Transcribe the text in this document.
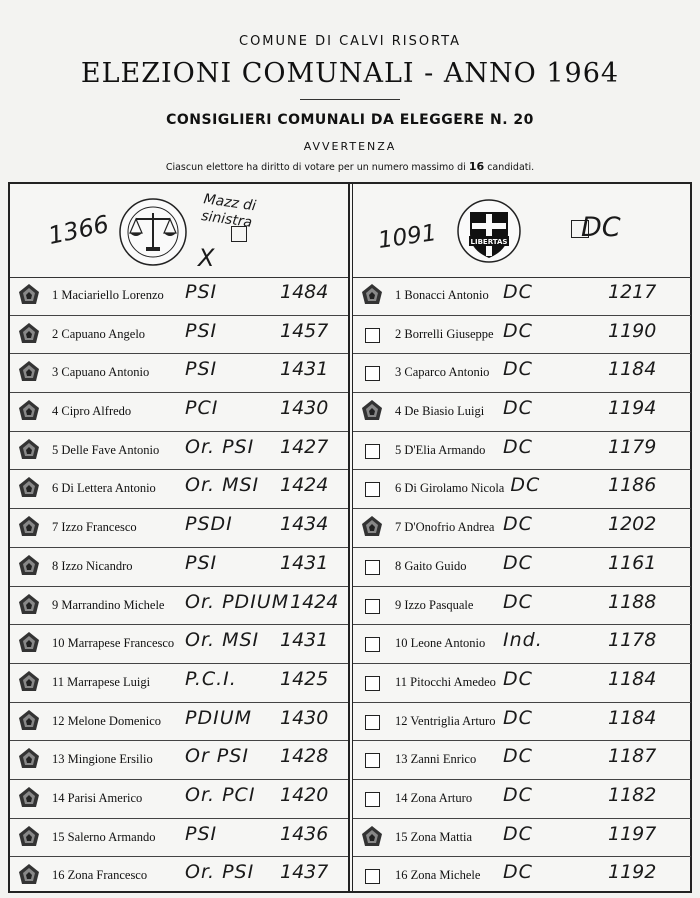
COMUNE DI CALVI RISORTA
ELEZIONI COMUNALI - ANNO 1964
CONSIGLIERI COMUNALI DA ELEGGERE N. 20
AVVERTENZA
Ciascun elettore ha diritto di votare per un numero massimo di 16 candidati.
1366
Mazz di sinistra
X
1 Maciariello Lorenzo PSI	1484
2 Capuano Angelo PSI	1457
3 Capuano Antonio PSI	1431
4 Cipro Alfredo	PCI	1430
5 Delle Fave Antonio Or. PSI 1427
6 Di Lettera Antonio Or. MSI 1424
7 Izzo Francesco	PSDI 1434
8 Izzo Nicandro	PSI	1431
9 Marrandino Michele Or. PDIUM 1424
10 Marrapese Francesco Or. MSI 1431
11 Marrapese Luigi P.C.I. 1425
12 Melone Domenico PDIUM 1430
13 Mingione Ersilio Or PSI 1428
14 Parisi Americo Or. PCI 1420
15 Salerno Armando PSI	1436
16 Zona Francesco Or. PSI 1437
1091	LIBERTAS	DC
1 Bonacci Antonio DC	1217
2 Borrelli Giuseppe DC	1190
3 Caparco Antonio DC	1184
4 De Biasio Luigi DC	1194
5 D'Elia Armando DC	1179
6 Di Girolamo Nicola DC	1186
7 D'Onofrio Andrea DC	1202
8 Gaito Guido DC	1161
9 Izzo Pasquale DC	1188
10 Leone Antonio Ind.	1178
11 Pitocchi Amedeo DC	1184
12 Ventriglia Arturo DC	1184
13 Zanni Enrico DC	1187
14 Zona Arturo DC	1182
15 Zona Mattia DC	1197
16 Zona Michele DC	1192
